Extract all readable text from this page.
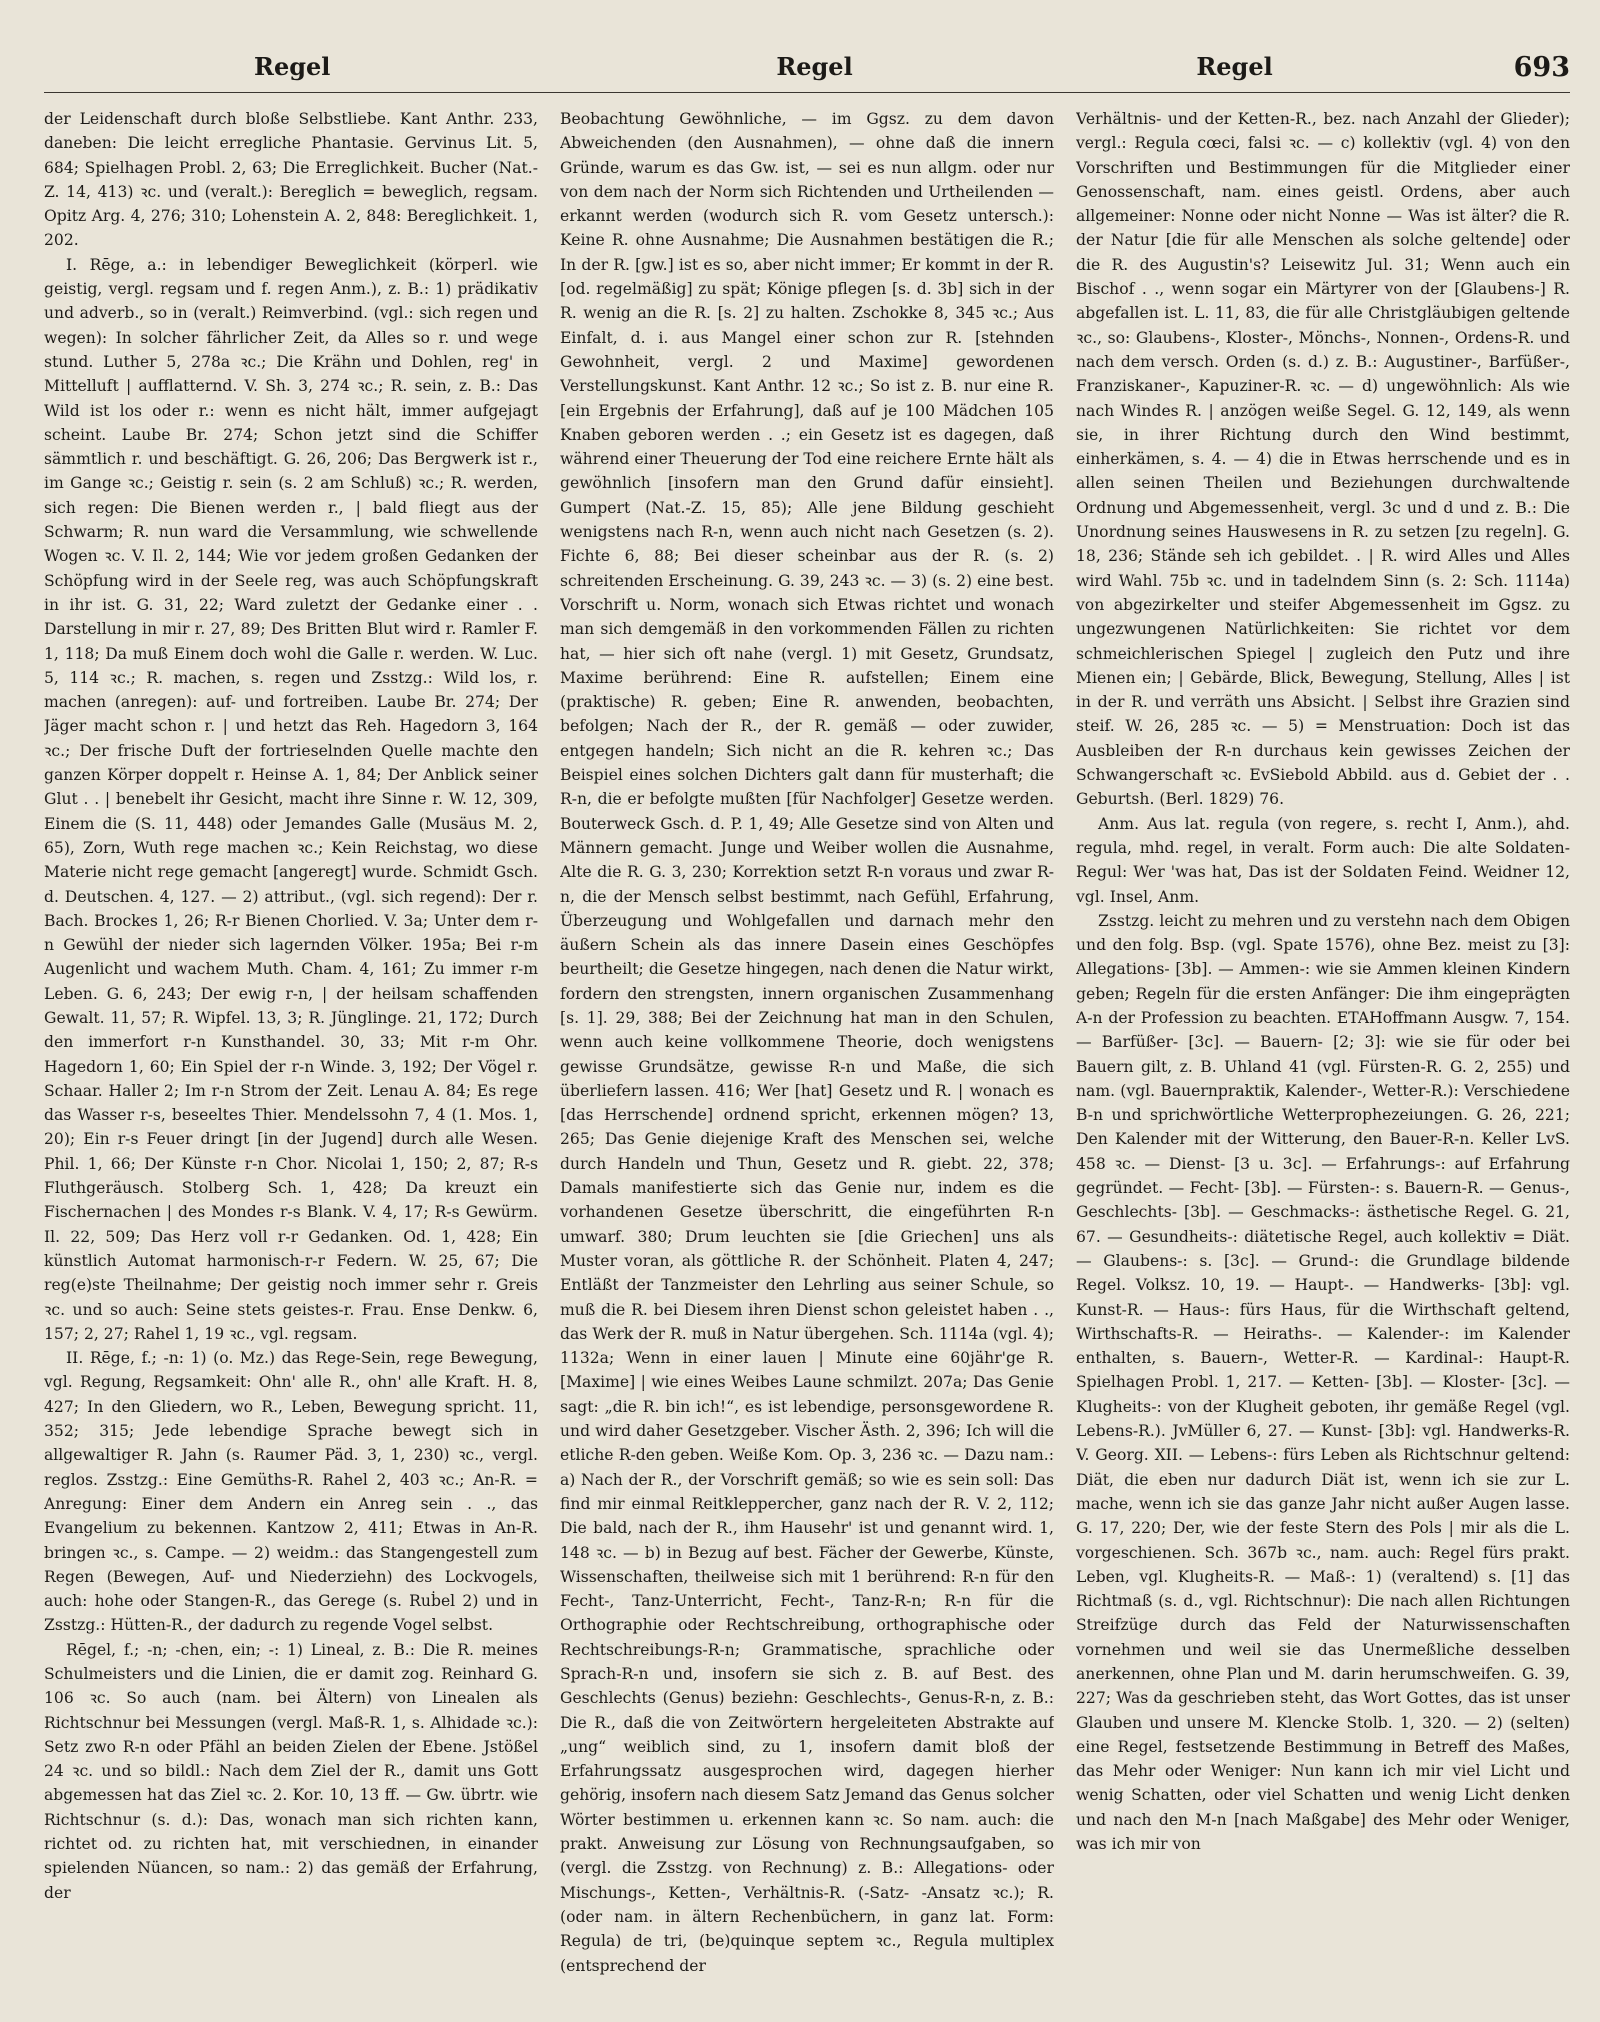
Regel	Regel	Regel	693

der Leidenschaft durch bloße Selbstliebe. Kant Anthr. 233, daneben: Die leicht erregliche Phantasie. Gervinus Lit. 5, 684; Spielhagen Probl. 2, 63; Die Erreglichkeit. Bucher (Nat.-Z. 14, 413) ꝛc. und (veralt.): Bereglich = beweglich, regsam. Opitz Arg. 4, 276; 310; Lohenstein A. 2, 848: Bereglichkeit. 1, 202.

I. Rēge, a.: in lebendiger Beweglichkeit (körperl. wie geistig, vergl. regsam und f. regen Anm.), z. B.: 1) prädikativ und adverb., so in (veralt.) Reimverbind. (vgl.: sich regen und wegen): In solcher fährlicher Zeit, da Alles so r. und wege stund. Luther 5, 278a ꝛc.; Die Krähn und Dohlen, reg' in Mittelluft | aufflatternd. V. Sh. 3, 274 ꝛc.; R. sein, z. B.: Das Wild ist los oder r.: wenn es nicht hält, immer aufgejagt scheint. Laube Br. 274; Schon jetzt sind die Schiffer sämmtlich r. und beschäftigt. G. 26, 206; Das Bergwerk ist r., im Gange ꝛc.; Geistig r. sein (s. 2 am Schluß) ꝛc.; R. werden, sich regen: Die Bienen werden r., | bald fliegt aus der Schwarm; R. nun ward die Versammlung, wie schwellende Wogen ꝛc. V. Il. 2, 144; Wie vor jedem großen Gedanken der Schöpfung wird in der Seele reg, was auch Schöpfungskraft in ihr ist. G. 31, 22; Ward zuletzt der Gedanke einer . . Darstellung in mir r. 27, 89; Des Britten Blut wird r. Ramler F. 1, 118; Da muß Einem doch wohl die Galle r. werden. W. Luc. 5, 114 ꝛc.; R. machen, s. regen und Zsstzg.: Wild los, r. machen (anregen): auf- und fortreiben. Laube Br. 274; Der Jäger macht schon r. | und hetzt das Reh. Hagedorn 3, 164 ꝛc.; Der frische Duft der fortrieselnden Quelle machte den ganzen Körper doppelt r. Heinse A. 1, 84; Der Anblick seiner Glut . . | benebelt ihr Gesicht, macht ihre Sinne r. W. 12, 309, Einem die (S. 11, 448) oder Jemandes Galle (Musäus M. 2, 65), Zorn, Wuth rege machen ꝛc.; Kein Reichstag, wo diese Materie nicht rege gemacht [angeregt] wurde. Schmidt Gsch. d. Deutschen. 4, 127. — 2) attribut., (vgl. sich regend): Der r. Bach. Brockes 1, 26; R-r Bienen Chorlied. V. 3a; Unter dem r-n Gewühl der nieder sich lagernden Völker. 195a; Bei r-m Augenlicht und wachem Muth. Cham. 4, 161; Zu immer r-m Leben. G. 6, 243; Der ewig r-n, | der heilsam schaffenden Gewalt. 11, 57; R. Wipfel. 13, 3; R. Jünglinge. 21, 172; Durch den immerfort r-n Kunsthandel. 30, 33; Mit r-m Ohr. Hagedorn 1, 60; Ein Spiel der r-n Winde. 3, 192; Der Vögel r. Schaar. Haller 2; Im r-n Strom der Zeit. Lenau A. 84; Es rege das Wasser r-s, beseeltes Thier. Mendelssohn 7, 4 (1. Mos. 1, 20); Ein r-s Feuer dringt [in der Jugend] durch alle Wesen. Phil. 1, 66; Der Künste r-n Chor. Nicolai 1, 150; 2, 87; R-s Fluthgeräusch. Stolberg Sch. 1, 428; Da kreuzt ein Fischernachen | des Mondes r-s Blank. V. 4, 17; R-s Gewürm. Il. 22, 509; Das Herz voll r-r Gedanken. Od. 1, 428; Ein künstlich Automat harmonisch-r-r Federn. W. 25, 67; Die reg(e)ste Theilnahme; Der geistig noch immer sehr r. Greis ꝛc. und so auch: Seine stets geistes-r. Frau. Ense Denkw. 6, 157; 2, 27; Rahel 1, 19 ꝛc., vgl. regsam.

II. Rēge, f.; -n: 1) (o. Mz.) das Rege-Sein, rege Bewegung, vgl. Regung, Regsamkeit: Ohn' alle R., ohn' alle Kraft. H. 8, 427; In den Gliedern, wo R., Leben, Bewegung spricht. 11, 352; 315; Jede lebendige Sprache bewegt sich in allgewaltiger R. Jahn (s. Raumer Päd. 3, 1, 230) ꝛc., vergl. reglos. Zsstzg.: Eine Gemüths-R. Rahel 2, 403 ꝛc.; An-R. = Anregung: Einer dem Andern ein Anreg sein . ., das Evangelium zu bekennen. Kantzow 2, 411; Etwas in An-R. bringen ꝛc., s. Campe. — 2) weidm.: das Stangengestell zum Regen (Bewegen, Auf- und Niederziehn) des Lockvogels, auch: hohe oder Stangen-R., das Gerege (s. Ruḃel 2) und in Zsstzg.: Hütten-R., der dadurch zu regende Vogel selbst.

Rēgel, f.; -n; -chen, ein; -: 1) Lineal, z. B.: Die R. meines Schulmeisters und die Linien, die er damit zog. Reinhard G. 106 ꝛc. So auch (nam. bei Ältern) von Linealen als Richtschnur bei Messungen (vergl. Maß-R. 1, s. Alhidade ꝛc.): Setz zwo R-n oder Pfähl an beiden Zielen der Ebene. Jstößel 24 ꝛc. und so bildl.: Nach dem Ziel der R., damit uns Gott abgemessen hat das Ziel ꝛc. 2. Kor. 10, 13 ff. — Gw. übrtr. wie Richtschnur (s. d.): Das, wonach man sich richten kann, richtet od. zu richten hat, mit verschiednen, in einander spielenden Nüancen, so nam.: 2) das gemäß der Erfahrung, der

Beobachtung Gewöhnliche, — im Ggsz. zu dem davon Abweichenden (den Ausnahmen), — ohne daß die innern Gründe, warum es das Gw. ist, — sei es nun allgm. oder nur von dem nach der Norm sich Richtenden und Urtheilenden — erkannt werden (wodurch sich R. vom Gesetz untersch.): Keine R. ohne Ausnahme; Die Ausnahmen bestätigen die R.; In der R. [gw.] ist es so, aber nicht immer; Er kommt in der R. [od. regelmäßig] zu spät; Könige pflegen [s. d. 3b] sich in der R. wenig an die R. [s. 2] zu halten. Zschokke 8, 345 ꝛc.; Aus Einfalt, d. i. aus Mangel einer schon zur R. [stehnden Gewohnheit, vergl. 2 und Maxime] gewordenen Verstellungskunst. Kant Anthr. 12 ꝛc.; So ist z. B. nur eine R. [ein Ergebnis der Erfahrung], daß auf je 100 Mädchen 105 Knaben geboren werden . .; ein Gesetz ist es dagegen, daß während einer Theuerung der Tod eine reichere Ernte hält als gewöhnlich [insofern man den Grund dafür einsieht]. Gumpert (Nat.-Z. 15, 85); Alle jene Bildung geschieht wenigstens nach R-n, wenn auch nicht nach Gesetzen (s. 2). Fichte 6, 88; Bei dieser scheinbar aus der R. (s. 2) schreitenden Erscheinung. G. 39, 243 ꝛc. — 3) (s. 2) eine best. Vorschrift u. Norm, wonach sich Etwas richtet und wonach man sich demgemäß in den vorkommenden Fällen zu richten hat, — hier sich oft nahe (vergl. 1) mit Gesetz, Grundsatz, Maxime berührend: Eine R. aufstellen; Einem eine (praktische) R. geben; Eine R. anwenden, beobachten, befolgen; Nach der R., der R. gemäß — oder zuwider, entgegen handeln; Sich nicht an die R. kehren ꝛc.; Das Beispiel eines solchen Dichters galt dann für musterhaft; die R-n, die er befolgte mußten [für Nachfolger] Gesetze werden. Bouterweck Gsch. d. P. 1, 49; Alle Gesetze sind von Alten und Männern gemacht. Junge und Weiber wollen die Ausnahme, Alte die R. G. 3, 230; Korrektion setzt R-n voraus und zwar R-n, die der Mensch selbst bestimmt, nach Gefühl, Erfahrung, Überzeugung und Wohlgefallen und darnach mehr den äußern Schein als das innere Dasein eines Geschöpfes beurtheilt; die Gesetze hingegen, nach denen die Natur wirkt, fordern den strengsten, innern organischen Zusammenhang [s. 1]. 29, 388; Bei der Zeichnung hat man in den Schulen, wenn auch keine vollkommene Theorie, doch wenigstens gewisse Grundsätze, gewisse R-n und Maße, die sich überliefern lassen. 416; Wer [hat] Gesetz und R. | wonach es [das Herrschende] ordnend spricht, erkennen mögen? 13, 265; Das Genie diejenige Kraft des Menschen sei, welche durch Handeln und Thun, Gesetz und R. giebt. 22, 378; Damals manifestierte sich das Genie nur, indem es die vorhandenen Gesetze überschritt, die eingeführten R-n umwarf. 380; Drum leuchten sie [die Griechen] uns als Muster voran, als göttliche R. der Schönheit. Platen 4, 247; Entläßt der Tanzmeister den Lehrling aus seiner Schule, so muß die R. bei Diesem ihren Dienst schon geleistet haben . ., das Werk der R. muß in Natur übergehen. Sch. 1114a (vgl. 4); 1132a; Wenn in einer lauen | Minute eine 60jähr'ge R. [Maxime] | wie eines Weibes Laune schmilzt. 207a; Das Genie sagt: „die R. bin ich!“, es ist lebendige, personsgewordene R. und wird daher Gesetzgeber. Vischer Ästh. 2, 396; Ich will die etliche R-den geben. Weiße Kom. Op. 3, 236 ꝛc. — Dazu nam.: a) Nach der R., der Vorschrift gemäß; so wie es sein soll: Das find mir einmal Reitkleppercher, ganz nach der R. V. 2, 112; Die bald, nach der R., ihm Hausehr' ist und genannt wird. 1, 148 ꝛc. — b) in Bezug auf best. Fächer der Gewerbe, Künste, Wissenschaften, theilweise sich mit 1 berührend: R-n für den Fecht-, Tanz-Unterricht, Fecht-, Tanz-R-n; R-n für die Orthographie oder Rechtschreibung, orthographische oder Rechtschreibungs-R-n; Grammatische, sprachliche oder Sprach-R-n und, insofern sie sich z. B. auf Best. des Geschlechts (Genus) beziehn: Geschlechts-, Genus-R-n, z. B.: Die R., daß die von Zeitwörtern hergeleiteten Abstrakte auf „ung“ weiblich sind, zu 1, insofern damit bloß der Erfahrungssatz ausgesprochen wird, dagegen hierher gehörig, insofern nach diesem Satz Jemand das Genus solcher Wörter bestimmen u. erkennen kann ꝛc. So nam. auch: die prakt. Anweisung zur Lösung von Rechnungsaufgaben, so (vergl. die Zsstzg. von Rechnung) z. B.: Allegations- oder Mischungs-, Ketten-, Verhältnis-R. (-Satz- -Ansatz ꝛc.); R. (oder nam. in ältern Rechenbüchern, in ganz lat. Form: Regula) de tri, (be)quinque septem ꝛc., Regula multiplex (entsprechend der

Verhältnis- und der Ketten-R., bez. nach Anzahl der Glieder); vergl.: Regula cœci, falsi ꝛc. — c) kollektiv (vgl. 4) von den Vorschriften und Bestimmungen für die Mitglieder einer Genossenschaft, nam. eines geistl. Ordens, aber auch allgemeiner: Nonne oder nicht Nonne — Was ist älter? die R. der Natur [die für alle Menschen als solche geltende] oder die R. des Augustin's? Leisewitz Jul. 31; Wenn auch ein Bischof . ., wenn sogar ein Märtyrer von der [Glaubens-] R. abgefallen ist. L. 11, 83, die für alle Christgläubigen geltende ꝛc., so: Glaubens-, Kloster-, Mönchs-, Nonnen-, Ordens-R. und nach dem versch. Orden (s. d.) z. B.: Augustiner-, Barfüßer-, Franziskaner-, Kapuziner-R. ꝛc. — d) ungewöhnlich: Als wie nach Windes R. | anzögen weiße Segel. G. 12, 149, als wenn sie, in ihrer Richtung durch den Wind bestimmt, einherkämen, s. 4. — 4) die in Etwas herrschende und es in allen seinen Theilen und Beziehungen durchwaltende Ordnung und Abgemessenheit, vergl. 3c und d und z. B.: Die Unordnung seines Hauswesens in R. zu setzen [zu regeln]. G. 18, 236; Stände seh ich gebildet. . | R. wird Alles und Alles wird Wahl. 75b ꝛc. und in tadelndem Sinn (s. 2: Sch. 1114a) von abgezirkelter und steifer Abgemessenheit im Ggsz. zu ungezwungenen Natürlichkeiten: Sie richtet vor dem schmeichlerischen Spiegel | zugleich den Putz und ihre Mienen ein; | Gebärde, Blick, Bewegung, Stellung, Alles | ist in der R. und verräth uns Absicht. | Selbst ihre Grazien sind steif. W. 26, 285 ꝛc. — 5) = Menstruation: Doch ist das Ausbleiben der R-n durchaus kein gewisses Zeichen der Schwangerschaft ꝛc. EvSiebold Abbild. aus d. Gebiet der . . Geburtsh. (Berl. 1829) 76.

Anm. Aus lat. regula (von regere, s. recht I, Anm.), ahd. regula, mhd. regel, in veralt. Form auch: Die alte Soldaten-Regul: Wer 'was hat, Das ist der Soldaten Feind. Weidner 12, vgl. Insel, Anm.

Zsstzg. leicht zu mehren und zu verstehn nach dem Obigen und den folg. Bsp. (vgl. Spate 1576), ohne Bez. meist zu [3]: Allegations- [3b]. — Ammen-: wie sie Ammen kleinen Kindern geben; Regeln für die ersten Anfänger: Die ihm eingeprägten A-n der Profession zu beachten. ETAHoffmann Ausgw. 7, 154. — Barfüßer- [3c]. — Bauern- [2; 3]: wie sie für oder bei Bauern gilt, z. B. Uhland 41 (vgl. Fürsten-R. G. 2, 255) und nam. (vgl. Bauernpraktik, Kalender-, Wetter-R.): Verschiedene B-n und sprichwörtliche Wetterprophezeiungen. G. 26, 221; Den Kalender mit der Witterung, den Bauer-R-n. Keller LvS. 458 ꝛc. — Dienst- [3 u. 3c]. — Erfahrungs-: auf Erfahrung gegründet. — Fecht- [3b]. — Fürsten-: s. Bauern-R. — Genus-, Geschlechts- [3b]. — Geschmacks-: ästhetische Regel. G. 21, 67. — Gesundheits-: diätetische Regel, auch kollektiv = Diät. — Glaubens-: s. [3c]. — Grund-: die Grundlage bildende Regel. Volksz. 10, 19. — Haupt-. — Handwerks- [3b]: vgl. Kunst-R. — Haus-: fürs Haus, für die Wirthschaft geltend, Wirthschafts-R. — Heiraths-. — Kalender-: im Kalender enthalten, s. Bauern-, Wetter-R. — Kardinal-: Haupt-R. Spielhagen Probl. 1, 217. — Ketten- [3b]. — Kloster- [3c]. — Klugheits-: von der Klugheit geboten, ihr gemäße Regel (vgl. Lebens-R.). JvMüller 6, 27. — Kunst- [3b]: vgl. Handwerks-R. V. Georg. XII. — Lebens-: fürs Leben als Richtschnur geltend: Diät, die eben nur dadurch Diät ist, wenn ich sie zur L. mache, wenn ich sie das ganze Jahr nicht außer Augen lasse. G. 17, 220; Der, wie der feste Stern des Pols | mir als die L. vorgeschienen. Sch. 367b ꝛc., nam. auch: Regel fürs prakt. Leben, vgl. Klugheits-R. — Maß-: 1) (veraltend) s. [1] das Richtmaß (s. d., vgl. Richtschnur): Die nach allen Richtungen Streifzüge durch das Feld der Naturwissenschaften vornehmen und weil sie das Unermeßliche desselben anerkennen, ohne Plan und M. darin herumschweifen. G. 39, 227; Was da geschrieben steht, das Wort Gottes, das ist unser Glauben und unsere M. Klencke Stolb. 1, 320. — 2) (selten) eine Regel, festsetzende Bestimmung in Betreff des Maßes, das Mehr oder Weniger: Nun kann ich mir viel Licht und wenig Schatten, oder viel Schatten und wenig Licht denken und nach den M-n [nach Maßgabe] des Mehr oder Weniger, was ich mir von
